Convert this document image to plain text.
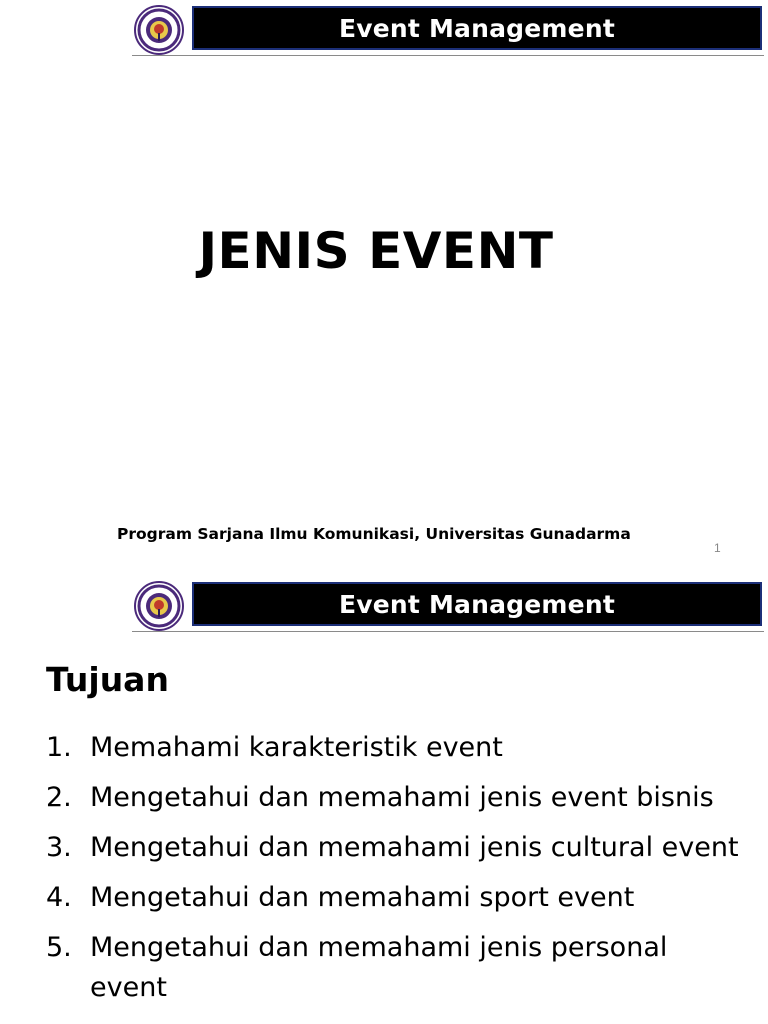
Event Management
JENIS EVENT

Program Sarjana Ilmu Komunikasi, Universitas Gunadarma

1
Event Management
Tujuan
1. Memahami karakteristik event
2. Mengetahui dan memahami jenis event bisnis
3. Mengetahui dan memahami jenis cultural event
4. Mengetahui dan memahami sport event
5. Mengetahui dan memahami jenis personal event
